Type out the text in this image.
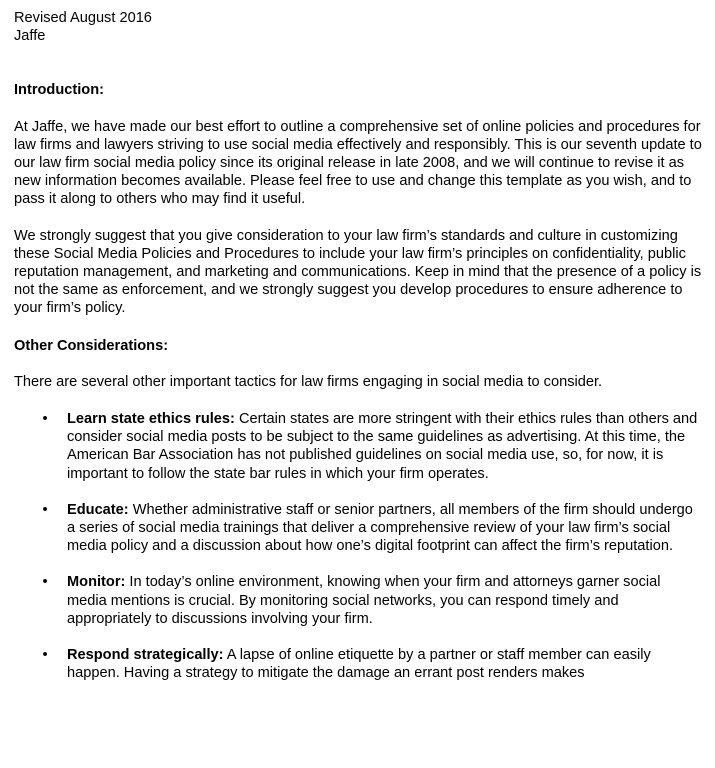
Revised August 2016
Jaffe
Introduction:
At Jaffe, we have made our best effort to outline a comprehensive set of online policies and procedures for law firms and lawyers striving to use social media effectively and responsibly. This is our seventh update to our law firm social media policy since its original release in late 2008, and we will continue to revise it as new information becomes available. Please feel free to use and change this template as you wish, and to pass it along to others who may find it useful.
We strongly suggest that you give consideration to your law firm’s standards and culture in customizing these Social Media Policies and Procedures to include your law firm’s principles on confidentiality, public reputation management, and marketing and communications. Keep in mind that the presence of a policy is not the same as enforcement, and we strongly suggest you develop procedures to ensure adherence to your firm’s policy.
Other Considerations:
There are several other important tactics for law firms engaging in social media to consider.
• Learn state ethics rules: Certain states are more stringent with their ethics rules than others and consider social media posts to be subject to the same guidelines as advertising. At this time, the American Bar Association has not published guidelines on social media use, so, for now, it is important to follow the state bar rules in which your firm operates.
• Educate: Whether administrative staff or senior partners, all members of the firm should undergo a series of social media trainings that deliver a comprehensive review of your law firm’s social media policy and a discussion about how one’s digital footprint can affect the firm’s reputation.
• Monitor: In today’s online environment, knowing when your firm and attorneys garner social media mentions is crucial. By monitoring social networks, you can respond timely and appropriately to discussions involving your firm.
• Respond strategically: A lapse of online etiquette by a partner or staff member can easily happen. Having a strategy to mitigate the damage an errant post renders makes
